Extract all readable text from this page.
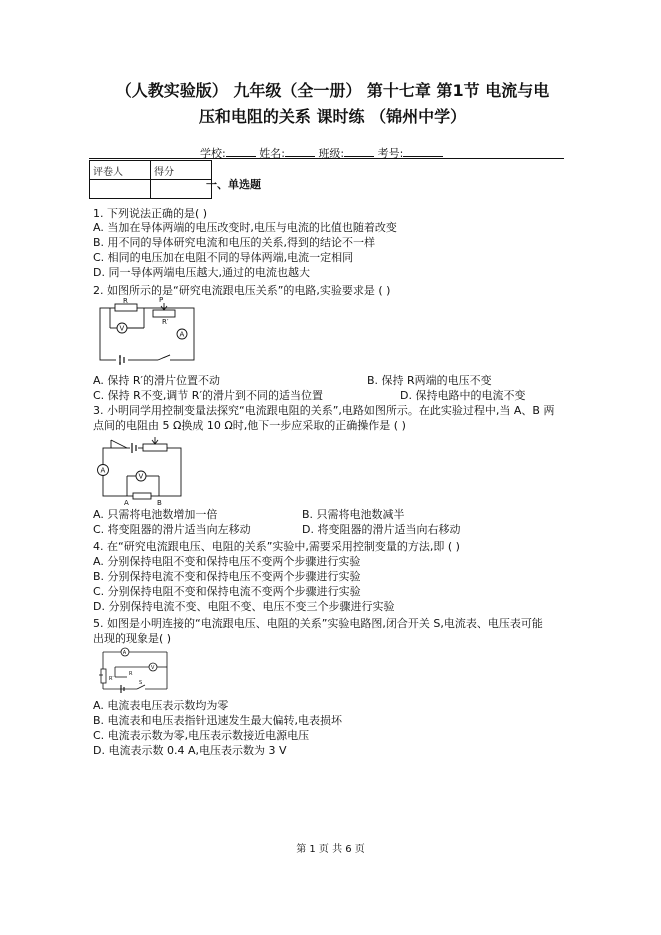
（人教实验版） 九年级（全一册） 第十七章 第1节 电流与电
压和电阻的关系 课时练 （锦州中学）
学校:	姓名:	班级:	考号:
评卷人	得分

一、单选题
1. 下列说法正确的是( )
A. 当加在导体两端的电压改变时,电压与电流的比值也随着改变
B. 用不同的导体研究电流和电压的关系,得到的结论不一样
C. 相同的电压加在电阻不同的导体两端,电流一定相同
D. 同一导体两端电压越大,通过的电流也越大
2. 如图所示的是“研究电流跟电压关系”的电路,实验要求是 ( )
R	P
R′
V
A
A. 保持 R′的滑片位置不动	B. 保持 R两端的电压不变
C. 保持 R不变,调节 R′的滑片到不同的适当位置	D. 保持电路中的电流不变
3. 小明同学用控制变量法探究“电流跟电阻的关系”,电路如图所示。在此实验过程中,当 A、B 两
点间的电阻由 5 Ω换成 10 Ω时,他下一步应采取的正确操作是 ( )
A
V
A	B
A. 只需将电池数增加一倍	B. 只需将电池数减半
C. 将变阻器的滑片适当向左移动	D. 将变阻器的滑片适当向右移动
4. 在“研究电流跟电压、电阻的关系”实验中,需要采用控制变量的方法,即 ( )
A. 分别保持电阻不变和保持电压不变两个步骤进行实验
B. 分别保持电流不变和保持电压不变两个步骤进行实验
C. 分别保持电阻不变和保持电流不变两个步骤进行实验
D. 分别保持电流不变、电阻不变、电压不变三个步骤进行实验
5. 如图是小明连接的“电流跟电压、电阻的关系”实验电路图,闭合开关 S,电流表、电压表可能
出现的现象是( )
A
V
R′
R
S
A. 电流表电压表示数均为零
B. 电流表和电压表指针迅速发生最大偏转,电表损坏
C. 电流表示数为零,电压表示数接近电源电压
D. 电流表示数 0.4 A,电压表示数为 3 V
第 1 页 共 6 页
